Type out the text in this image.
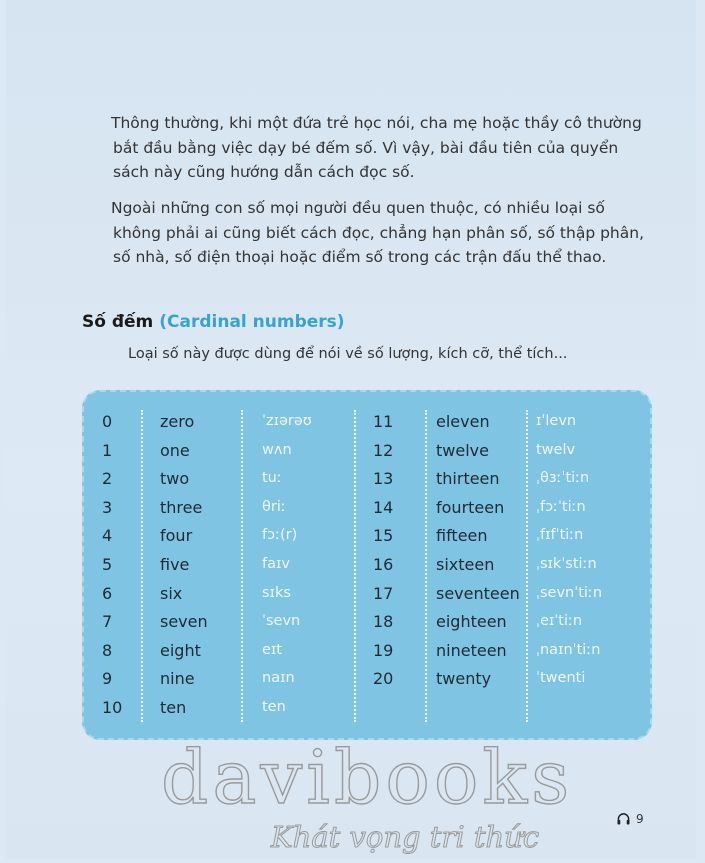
Thông thường, khi một đứa trẻ học nói, cha mẹ hoặc thầy cô thường bắt đầu bằng việc dạy bé đếm số. Vì vậy, bài đầu tiên của quyển sách này cũng hướng dẫn cách đọc số.
Ngoài những con số mọi người đều quen thuộc, có nhiều loại số không phải ai cũng biết cách đọc, chẳng hạn phân số, số thập phân, số nhà, số điện thoại hoặc điểm số trong các trận đấu thể thao.
Số đếm (Cardinal numbers)
Loại số này được dùng để nói về số lượng, kích cỡ, thể tích...
0	zero	ˈzɪərəʊ
1	one	wʌn
2	two	tuː
3	three	θriː
4	four	fɔː(r)
5	five	faɪv
6	six	sɪks
7	seven	ˈsevn
8	eight	eɪt
9	nine	naɪn
10 ten	ten
11	eleven	ɪˈlevn
12	twelve	twelv
13	thirteen	ˌθɜːˈtiːn
14	fourteen ˌfɔːˈtiːn
15	fifteen	ˌfɪfˈtiːn
16	sixteen	ˌsɪkˈstiːn
17	seventeen ˌsevnˈtiːn
18	eighteen ˌeɪˈtiːn
19	nineteen ˌnaɪnˈtiːn
20	twenty	ˈtwenti
davibooks
Khát vọng tri thức
9
